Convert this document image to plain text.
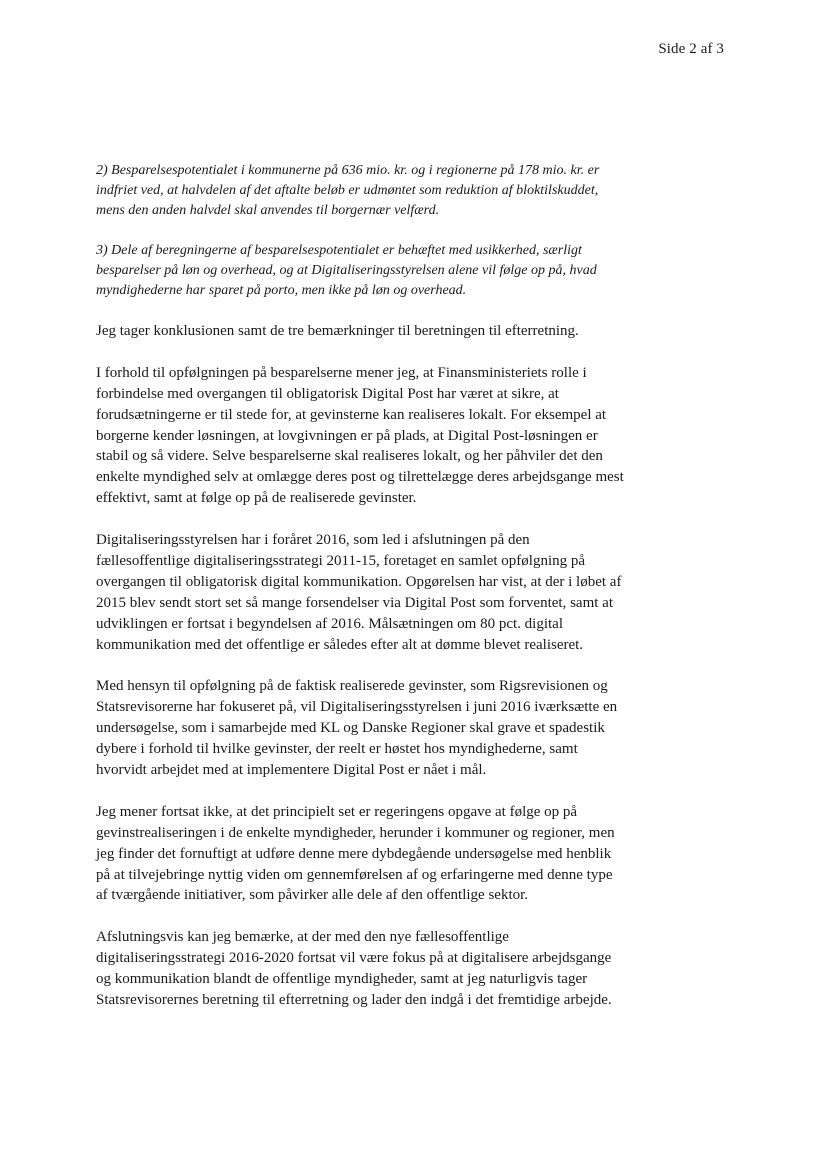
Side 2 af 3

2) Besparelsespotentialet i kommunerne på 636 mio. kr. og i regionerne på 178 mio. kr. er indfriet ved, at halvdelen af det aftalte beløb er udmøntet som reduktion af bloktilskuddet, mens den anden halvdel skal anvendes til borgernær velfærd.

3) Dele af beregningerne af besparelsespotentialet er behæftet med usikkerhed, særligt besparelser på løn og overhead, og at Digitaliseringsstyrelsen alene vil følge op på, hvad myndighederne har sparet på porto, men ikke på løn og overhead.

Jeg tager konklusionen samt de tre bemærkninger til beretningen til efterretning.

I forhold til opfølgningen på besparelserne mener jeg, at Finansministeriets rolle i forbindelse med overgangen til obligatorisk Digital Post har været at sikre, at forudsætningerne er til stede for, at gevinsterne kan realiseres lokalt. For eksempel at borgerne kender løsningen, at lovgivningen er på plads, at Digital Post-løsningen er stabil og så videre. Selve besparelserne skal realiseres lokalt, og her påhviler det den enkelte myndighed selv at omlægge deres post og tilrettelægge deres arbejdsgange mest effektivt, samt at følge op på de realiserede gevinster.

Digitaliseringsstyrelsen har i foråret 2016, som led i afslutningen på den fællesoffentlige digitaliseringsstrategi 2011-15, foretaget en samlet opfølgning på overgangen til obligatorisk digital kommunikation. Opgørelsen har vist, at der i løbet af 2015 blev sendt stort set så mange forsendelser via Digital Post som forventet, samt at udviklingen er fortsat i begyndelsen af 2016. Målsætningen om 80 pct. digital kommunikation med det offentlige er således efter alt at dømme blevet realiseret.

Med hensyn til opfølgning på de faktisk realiserede gevinster, som Rigsrevisionen og Statsrevisorerne har fokuseret på, vil Digitaliseringsstyrelsen i juni 2016 iværksætte en undersøgelse, som i samarbejde med KL og Danske Regioner skal grave et spadestik dybere i forhold til hvilke gevinster, der reelt er høstet hos myndighederne, samt hvorvidt arbejdet med at implementere Digital Post er nået i mål.

Jeg mener fortsat ikke, at det principielt set er regeringens opgave at følge op på gevinstrealiseringen i de enkelte myndigheder, herunder i kommuner og regioner, men jeg finder det fornuftigt at udføre denne mere dybdegående undersøgelse med henblik på at tilvejebringe nyttig viden om gennemførelsen af og erfaringerne med denne type af tværgående initiativer, som påvirker alle dele af den offentlige sektor.

Afslutningsvis kan jeg bemærke, at der med den nye fællesoffentlige digitaliseringsstrategi 2016-2020 fortsat vil være fokus på at digitalisere arbejdsgange og kommunikation blandt de offentlige myndigheder, samt at jeg naturligvis tager Statsrevisorernes beretning til efterretning og lader den indgå i det fremtidige arbejde.
